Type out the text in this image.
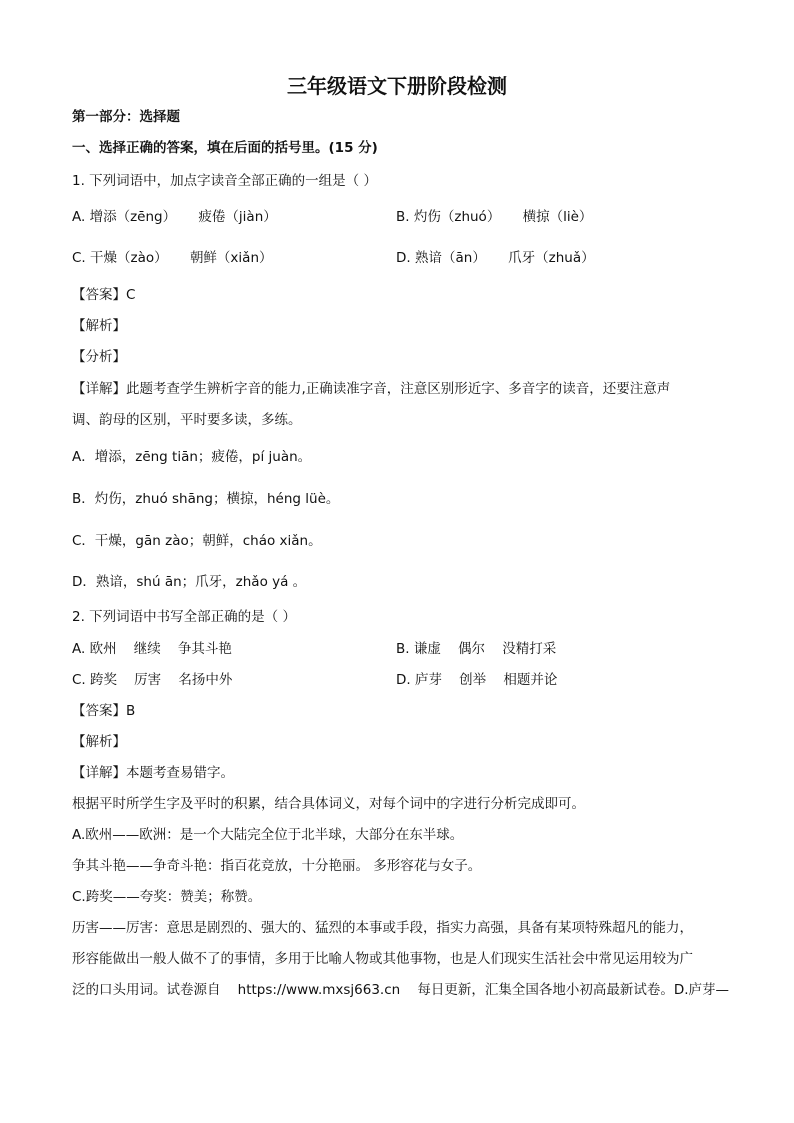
三年级语文下册阶段检测
第一部分：选择题
一、选择正确的答案，填在后面的括号里。(15 分)
1. 下列词语中，加点字读音全部正确的一组是（ ）
A. 增添（zēng） 疲倦（jiàn）	B. 灼伤（zhuó） 横掠（liè）
C. 干燥（zào） 朝鲜（xiǎn）	D. 熟谙（ān） 爪牙（zhuǎ）
【答案】C
【解析】
【分析】
【详解】此题考查学生辨析字音的能力,正确读准字音，注意区别形近字、多音字的读音，还要注意声
调、韵母的区别，平时要多读，多练。
A．增添，zēng tiān；疲倦，pí juàn。
B．灼伤，zhuó shāng；横掠，héng lüè。
C．干燥，gān zào；朝鲜，cháo xiǎn。
D．熟谙，shú ān；爪牙，zhǎo yá 。
2. 下列词语中书写全部正确的是（ ）
A. 欧州    继续    争其斗艳	B. 谦虚    偶尔    没精打采
C. 跨奖    厉害    名扬中外	D. 庐芽    创举    相题并论
【答案】B
【解析】
【详解】本题考查易错字。
根据平时所学生字及平时的积累，结合具体词义，对每个词中的字进行分析完成即可。
A.欧州——欧洲：是一个大陆完全位于北半球，大部分在东半球。
争其斗艳——争奇斗艳：指百花竞放，十分艳丽。 多形容花与女子。
C.跨奖——夸奖：赞美；称赞。
历害——厉害：意思是剧烈的、强大的、猛烈的本事或手段，指实力高强，具备有某项特殊超凡的能力，
形容能做出一般人做不了的事情，多用于比喻人物或其他事物，也是人们现实生活社会中常见运用较为广
泛的口头用词。试卷源自    https://www.mxsj663.cn    每日更新，汇集全国各地小初高最新试卷。D.庐芽—
